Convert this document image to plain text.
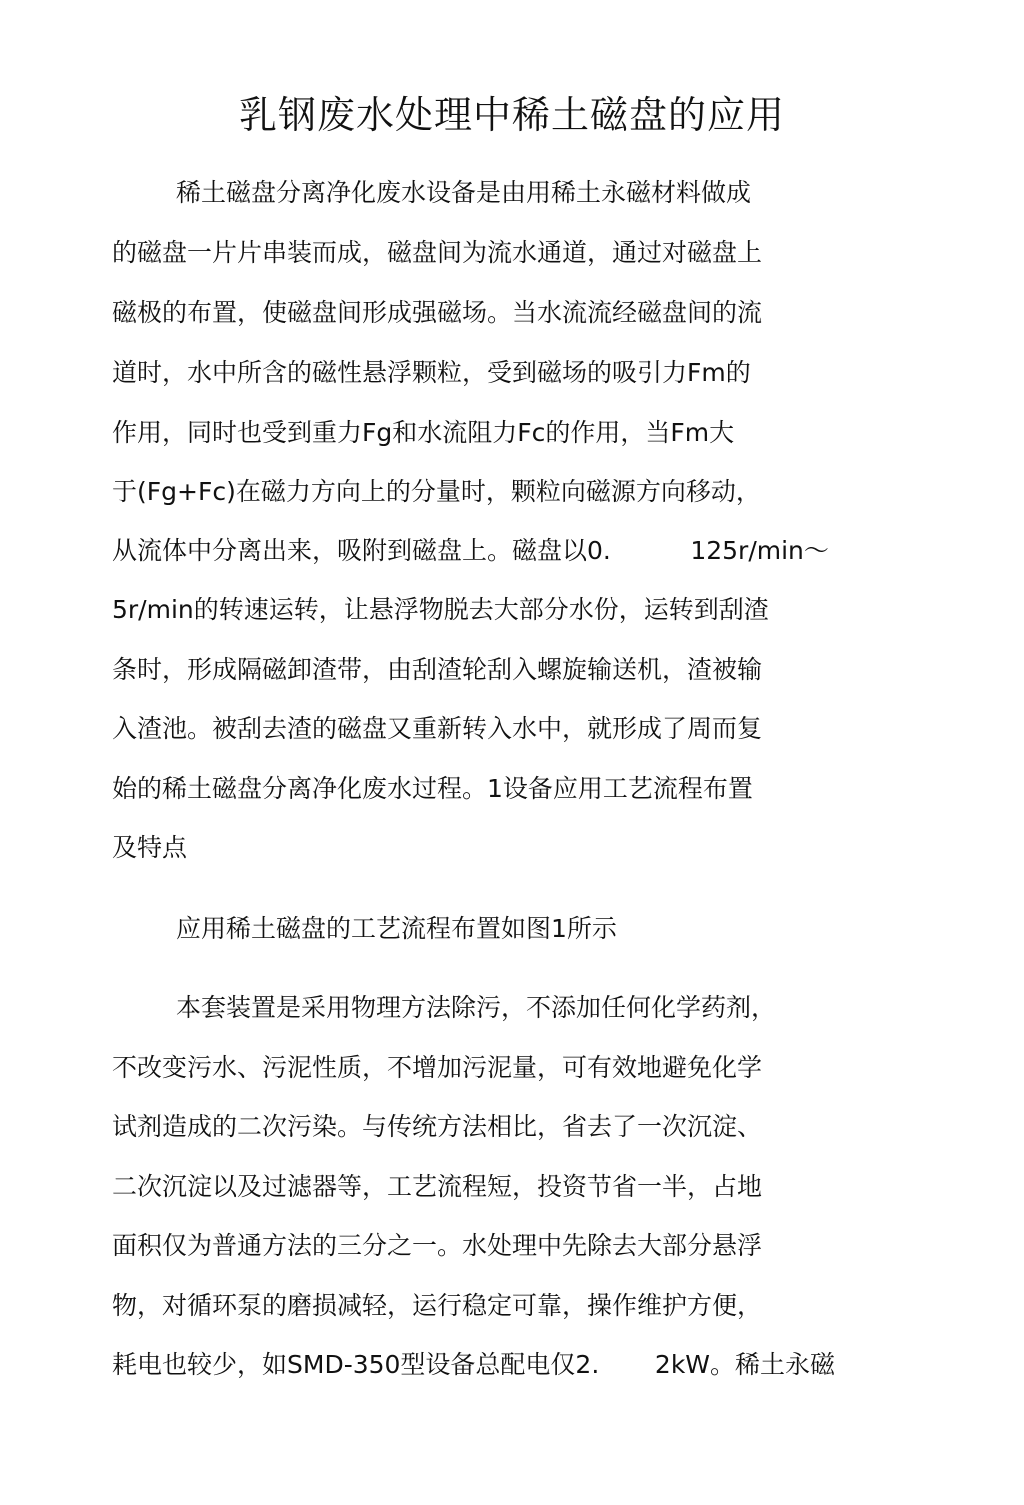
乳钢废水处理中稀土磁盘的应用

稀土磁盘分离净化废水设备是由用稀土永磁材料做成

的磁盘一片片串装而成，磁盘间为流水通道，通过对磁盘上

磁极的布置，使磁盘间形成强磁场。当水流流经磁盘间的流

道时，水中所含的磁性悬浮颗粒，受到磁场的吸引力Fm的

作用，同时也受到重力Fg和水流阻力Fc的作用，当Fm大

于(Fg+Fc)在磁力方向上的分量时，颗粒向磁源方向移动，

从流体中分离出来，吸附到磁盘上。磁盘以0.          125r/min～

5r/min的转速运转，让悬浮物脱去大部分水份，运转到刮渣

条时，形成隔磁卸渣带，由刮渣轮刮入螺旋输送机，渣被输

入渣池。被刮去渣的磁盘又重新转入水中，就形成了周而复

始的稀土磁盘分离净化废水过程。1设备应用工艺流程布置

及特点

应用稀土磁盘的工艺流程布置如图1所示

本套装置是采用物理方法除污，不添加任何化学药剂，

不改变污水、污泥性质，不增加污泥量，可有效地避免化学

试剂造成的二次污染。与传统方法相比，省去了一次沉淀、

二次沉淀以及过滤器等，工艺流程短，投资节省一半，占地

面积仅为普通方法的三分之一。水处理中先除去大部分悬浮

物，对循环泵的磨损减轻，运行稳定可靠，操作维护方便，

耗电也较少，如SMD-350型设备总配电仅2.       2kW。稀土永磁
